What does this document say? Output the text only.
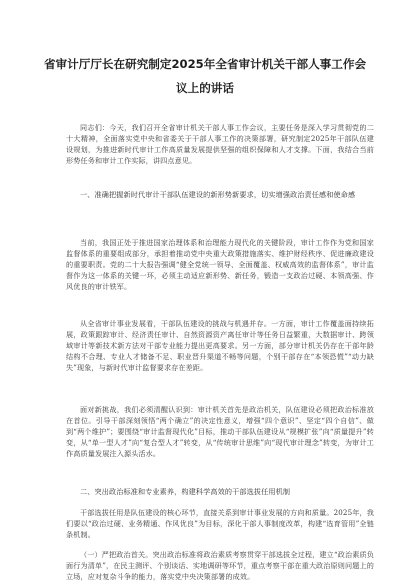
省审计厅厅长在研究制定2025年全省审计机关干部人事工作会
议上的讲话
同志们：今天，我们召开全省审计机关干部人事工作会议，主要任务是深入学习贯彻党的二十大精神，全面落实党中央和省委关于干部人事工作的决策部署，研究制定2025年干部队伍建设规划，为推进新时代审计工作高质量发展提供坚强的组织保障和人才支撑。下面，我结合当前形势任务和审计工作实际，讲四点意见。
一、准确把握新时代审计干部队伍建设的新形势新要求，切实增强政治责任感和使命感
当前，我国正处于推进国家治理体系和治理能力现代化的关键阶段，审计工作作为党和国家监督体系的重要组成部分，承担着推动党中央重大政策措施落实、维护财经秩序、促进廉政建设的重要职责。党的二十大报告强调“健全党统一领导、全面覆盖、权威高效的监督体系”，审计监督作为这一体系的关键一环，必须主动适应新形势、新任务，锻造一支政治过硬、本领高强、作风优良的审计铁军。
从全省审计事业发展看，干部队伍建设的挑战与机遇并存。一方面，审计工作覆盖面持续拓展，政策跟踪审计、经济责任审计、自然资源资产离任审计等任务日益繁重，大数据审计、跨领域审计等新技术新方法对干部专业能力提出更高要求。另一方面，部分审计机关仍存在干部年龄结构不合理、专业人才储备不足、职业晋升渠道不畅等问题，个别干部存在“本领恐慌”“动力缺失”现象，与新时代审计监督要求存在差距。
面对新挑战，我们必须清醒认识到：审计机关首先是政治机关，队伍建设必须把政治标准放在首位。引导干部深刻领悟“两个确立”的决定性意义，增强“四个意识”、坚定“四个自信”、做到“两个维护”；要围绕“审计监督现代化”目标，推动干部队伍建设从“规模扩张”向“质量提升”转变，从“单一型人才”向“复合型人才”转变，从“传统审计思维”向“现代审计理念”转变，为审计工作高质量发展注入源头活水。
二、突出政治标准和专业素养，构建科学高效的干部选拔任用机制
干部选拔任用是队伍建设的核心环节，直接关系到审计事业发展的方向和质量。2025年，我们要以“政治过硬、业务精通、作风优良”为目标，深化干部人事制度改革，构建“选育管用”全链条机制。
（一）严把政治首关。突出政治标准将政治素质考察贯穿干部选拔全过程，建立“政治素质负面行为清单”，在民主测评、个别谈话、实地调研等环节，重点考察干部在重大政治原则问题上的立场，应对复杂斗争的能力，落实党中央决策部署的成效。
